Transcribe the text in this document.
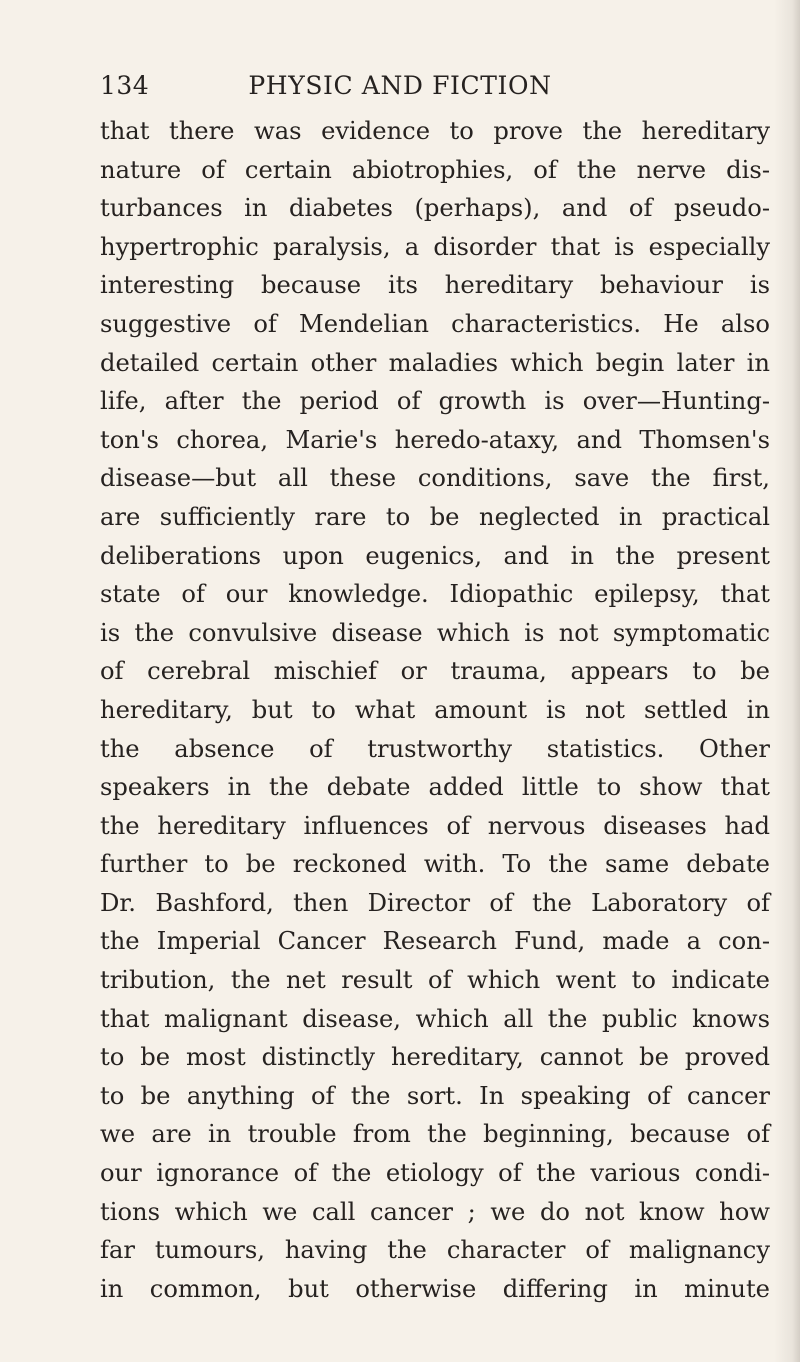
134	PHYSIC AND FICTION
that there was evidence to prove the hereditary
nature of certain abiotrophies, of the nerve dis-
turbances in diabetes (perhaps), and of pseudo-
hypertrophic paralysis, a disorder that is especially
interesting because its hereditary behaviour is
suggestive of Mendelian characteristics. He also
detailed certain other maladies which begin later in
life, after the period of growth is over—Hunting-
ton's chorea, Marie's heredo-ataxy, and Thomsen's
disease—but all these conditions, save the first,
are sufficiently rare to be neglected in practical
deliberations upon eugenics, and in the present
state of our knowledge. Idiopathic epilepsy, that
is the convulsive disease which is not symptomatic
of cerebral mischief or trauma, appears to be
hereditary, but to what amount is not settled in
the absence of trustworthy statistics. Other
speakers in the debate added little to show that
the hereditary influences of nervous diseases had
further to be reckoned with. To the same debate
Dr. Bashford, then Director of the Laboratory of
the Imperial Cancer Research Fund, made a con-
tribution, the net result of which went to indicate
that malignant disease, which all the public knows
to be most distinctly hereditary, cannot be proved
to be anything of the sort. In speaking of cancer
we are in trouble from the beginning, because of
our ignorance of the etiology of the various condi-
tions which we call cancer ; we do not know how
far tumours, having the character of malignancy
in common, but otherwise differing in minute
